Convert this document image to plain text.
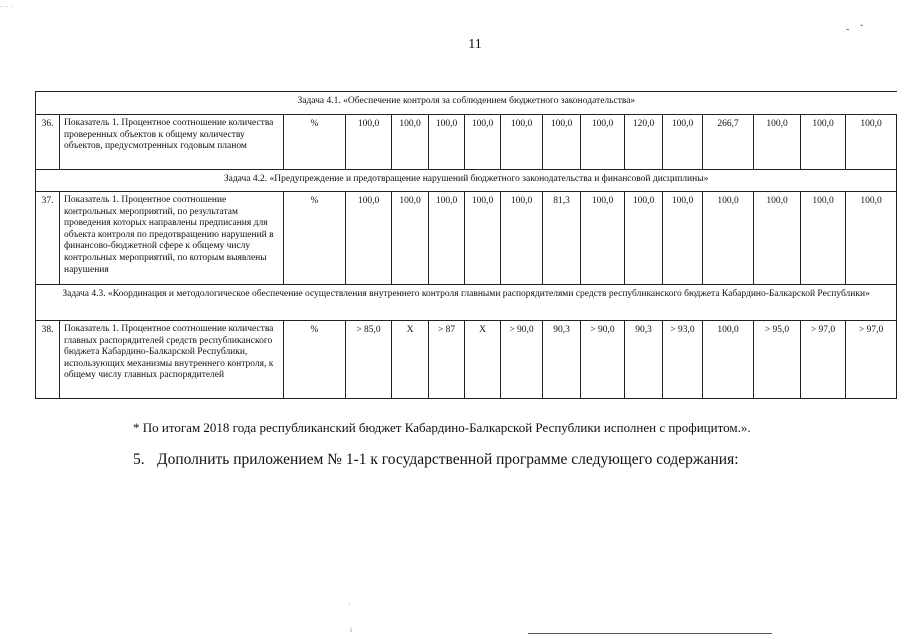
.. . .
11
- ˇ
Задача 4.1. «Обеспечение контроля за соблюдением бюджетного законодательства»															
36.	Показатель 1. Процентное соотношение количества проверенных объектов к общему количеству объектов, предусмотренных годовым планом	%	100,0	100,0	100,0	100,0	100,0	100,0	100,0	120,0	100,0	266,7	100,0	100,0	100,0
Задача 4.2. «Предупреждение и предотвращение нарушений бюджетного законодательства и финансовой дисциплины»															
37.	Показатель 1. Процентное соотношение контрольных мероприятий, по результатам проведения которых направлены предписания для объекта контроля по предотвращению нарушений в финансово-бюджетной сфере к общему числу контрольных мероприятий, по которым выявлены нарушения	%	100,0	100,0	100,0	100,0	100,0	81,3	100,0	100,0	100,0	100,0	100,0	100,0	100,0
Задача 4.3. «Координация и методологическое обеспечение осуществления внутреннего контроля главными распорядителями средств республиканского бюджета Кабардино-Балкарской Республики»															
38.	Показатель 1. Процентное соотношение количества главных распорядителей средств республиканского бюджета Кабардино-Балкарской Республики, использующих механизмы внутреннего контроля, к общему числу главных распорядителей	%	> 85,0	X	> 87	X	> 90,0	90,3	> 90,0	90,3	> 93,0	100,0	> 95,0	> 97,0	> 97,0
* По итогам 2018 года республиканский бюджет Кабардино-Балкарской Республики исполнен с профицитом.».
5. Дополнить приложением № 1-1 к государственной программе следующего содержания:
·
ı
